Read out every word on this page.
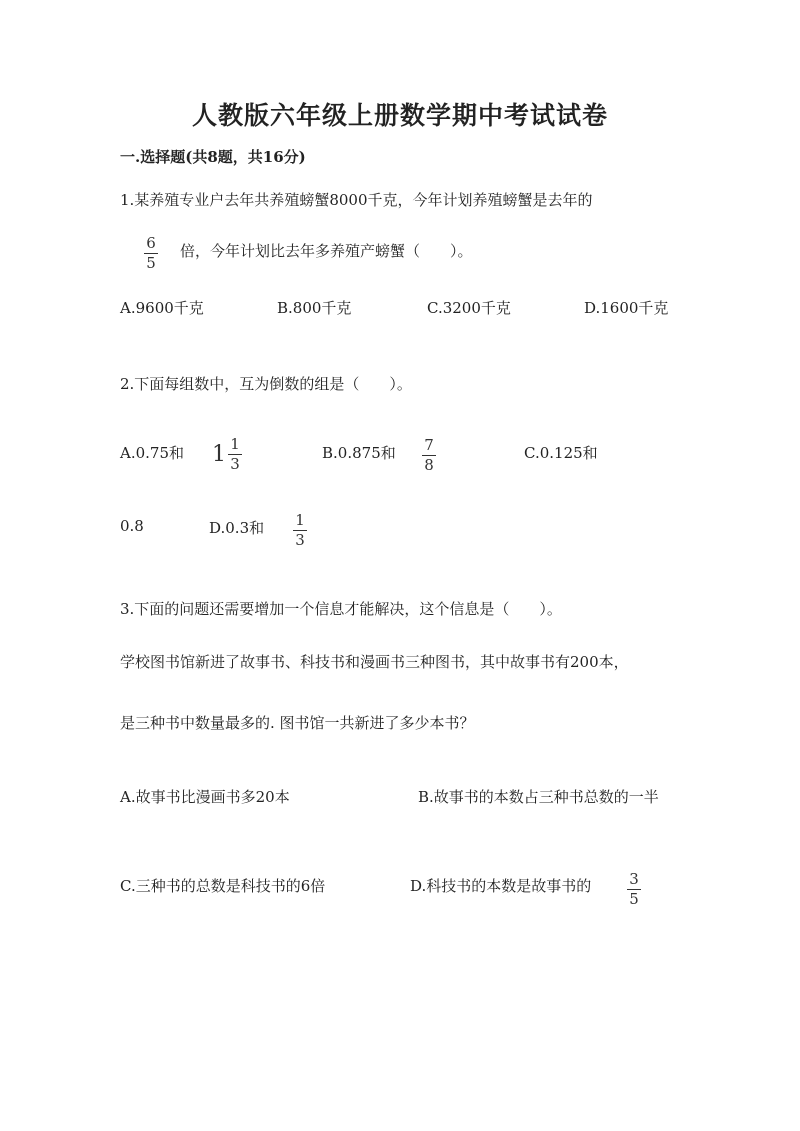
人教版六年级上册数学期中考试试卷
一.选择题(共8题，共16分)
1.某养殖专业户去年共养殖螃蟹8000千克，今年计划养殖螃蟹是去年的
$\frac{6}{5}$ 倍，今年计划比去年多养殖产螃蟹（　　）。
A.9600千克	B.800千克	C.3200千克	D.1600千克
2.下面每组数中，互为倒数的组是（　　）。
A.0.75和 $1 \frac{1}{3}$	B.0.875和 $\frac{7}{8}$	C.0.125和
0.8	D.0.3和 $\frac{1}{3}$
3.下面的问题还需要增加一个信息才能解决，这个信息是（　　）。
学校图书馆新进了故事书、科技书和漫画书三种图书，其中故事书有200本，
是三种书中数量最多的. 图书馆一共新进了多少本书？
A.故事书比漫画书多20本	B.故事书的本数占三种书总数的一半
C.三种书的总数是科技书的6倍	D.科技书的本数是故事书的 $\frac{3}{5}$
